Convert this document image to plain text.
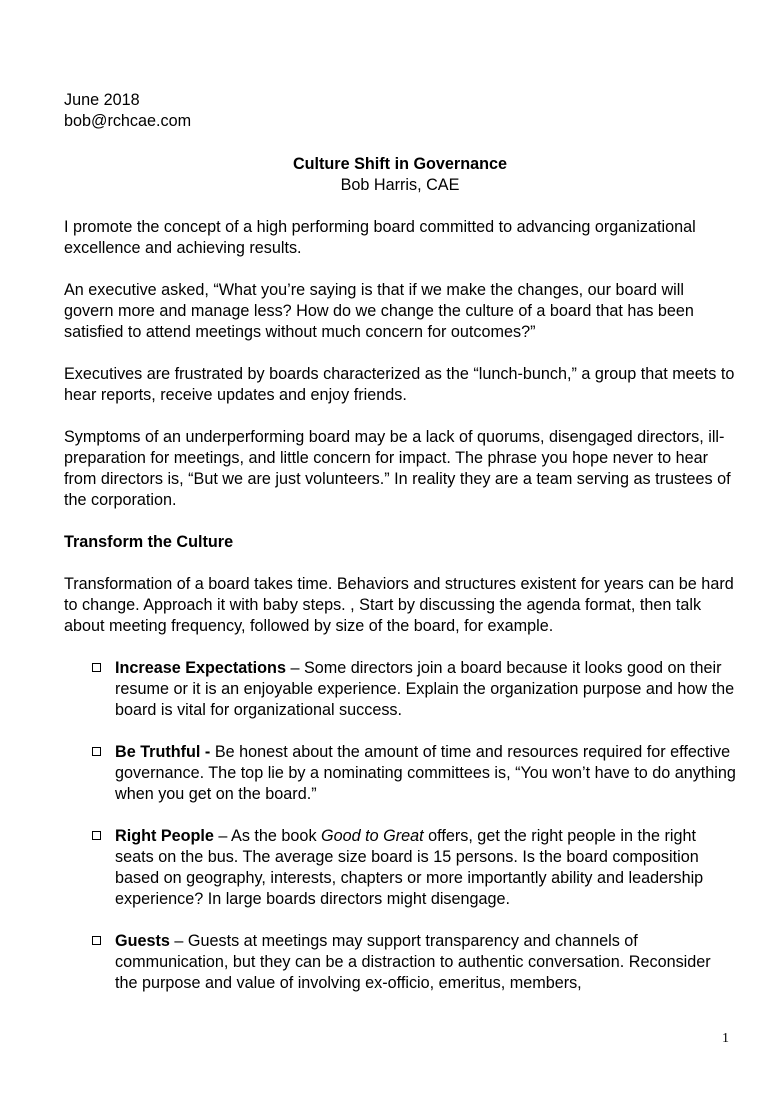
June 2018

bob@rchcae.com

Culture Shift in Governance

Bob Harris, CAE

I promote the concept of a high performing board committed to advancing organizational excellence and achieving results.

An executive asked, “What you’re saying is that if we make the changes, our board will govern more and manage less? How do we change the culture of a board that has been satisfied to attend meetings without much concern for outcomes?”

Executives are frustrated by boards characterized as the “lunch-bunch,” a group that meets to hear reports, receive updates and enjoy friends.

Symptoms of an underperforming board may be a lack of quorums, disengaged directors, ill-preparation for meetings, and little concern for impact. The phrase you hope never to hear from directors is, “But we are just volunteers.” In reality they are a team serving as trustees of the corporation.

Transform the Culture

Transformation of a board takes time. Behaviors and structures existent for years can be hard to change. Approach it with baby steps. , Start by discussing the agenda format, then talk about meeting frequency, followed by size of the board, for example.

Increase Expectations – Some directors join a board because it looks good on their resume or it is an enjoyable experience. Explain the organization purpose and how the board is vital for organizational success.
Be Truthful - Be honest about the amount of time and resources required for effective governance. The top lie by a nominating committees is, “You won’t have to do anything when you get on the board.”
Right People – As the book Good to Great offers, get the right people in the right seats on the bus. The average size board is 15 persons. Is the board composition based on geography, interests, chapters or more importantly ability and leadership experience? In large boards directors might disengage.
Guests – Guests at meetings may support transparency and channels of communication, but they can be a distraction to authentic conversation. Reconsider the purpose and value of involving ex-officio, emeritus, members,
1
